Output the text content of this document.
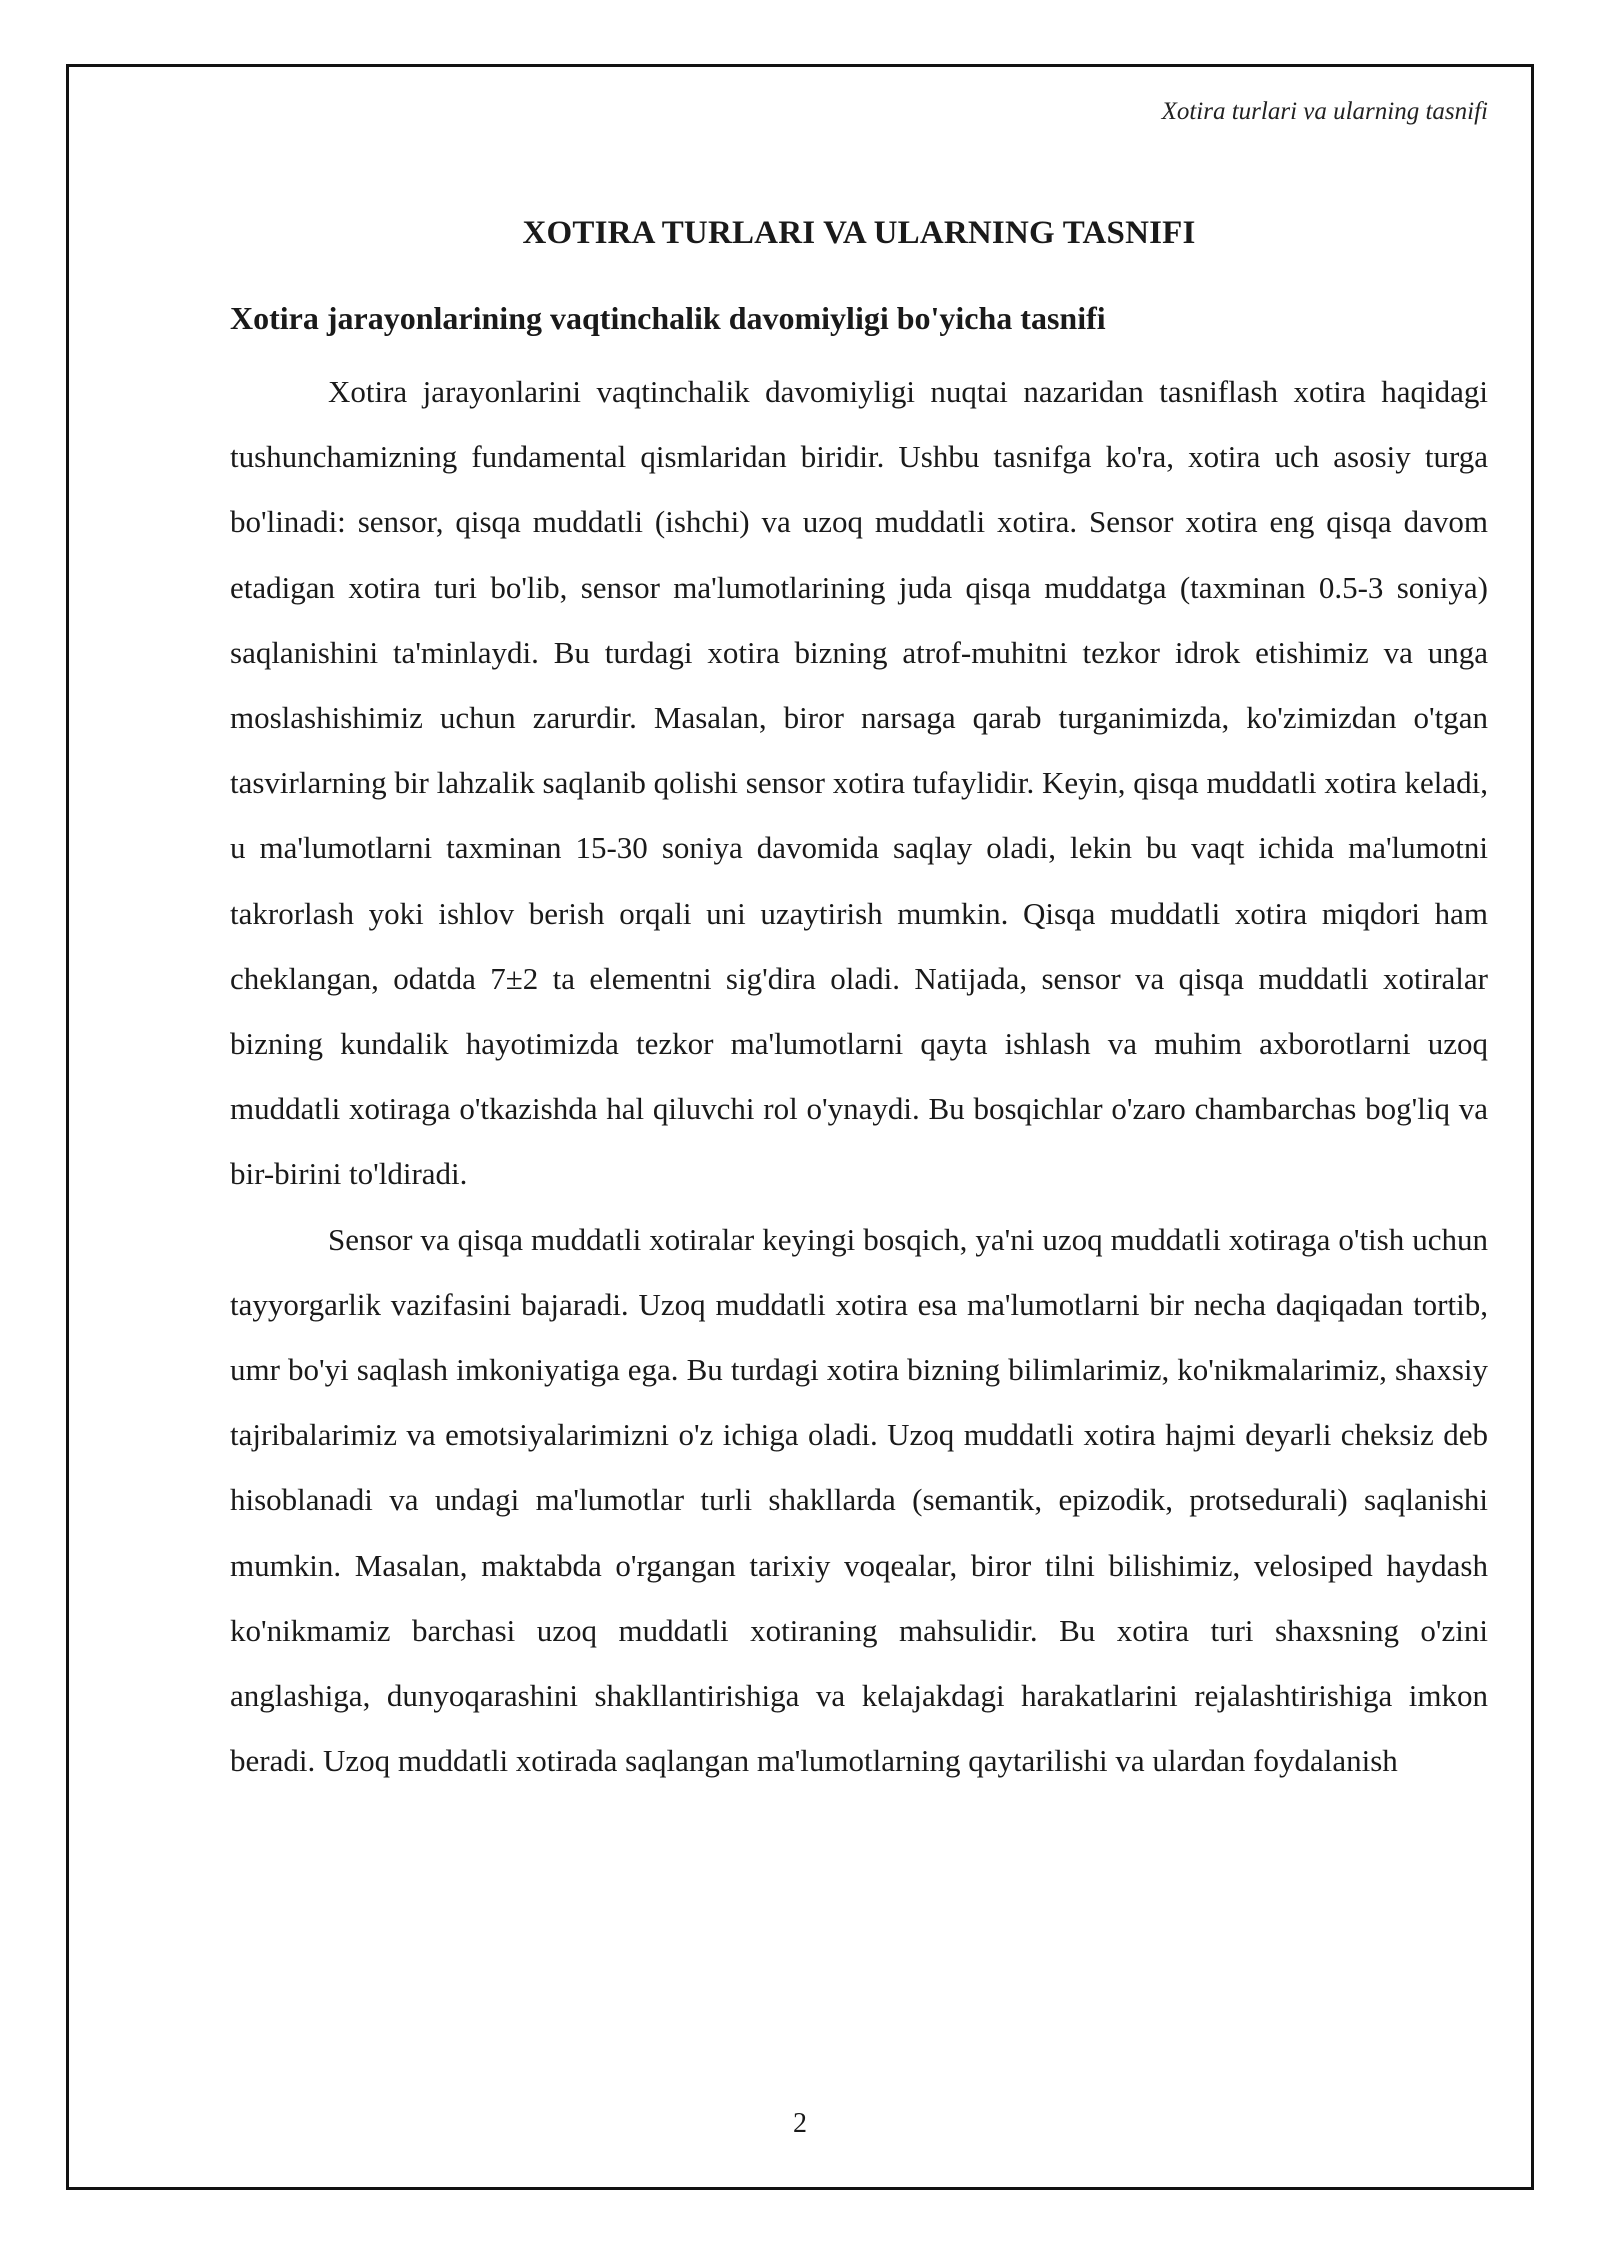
Xotira turlari va ularning tasnifi
XOTIRA TURLARI VA ULARNING TASNIFI
Xotira jarayonlarining vaqtinchalik davomiyligi bo'yicha tasnifi

Xotira jarayonlarini vaqtinchalik davomiyligi nuqtai nazaridan tasniflash xotira haqidagi tushunchamizning fundamental qismlaridan biridir. Ushbu tasnifga ko'ra, xotira uch asosiy turga bo'linadi: sensor, qisqa muddatli (ishchi) va uzoq muddatli xotira. Sensor xotira eng qisqa davom etadigan xotira turi bo'lib, sensor ma'lumotlarining juda qisqa muddatga (taxminan 0.5-3 soniya) saqlanishini ta'minlaydi. Bu turdagi xotira bizning atrof-muhitni tezkor idrok etishimiz va unga moslashishimiz uchun zarurdir. Masalan, biror narsaga qarab turganimizda, ko'zimizdan o'tgan tasvirlarning bir lahzalik saqlanib qolishi sensor xotira tufaylidir. Keyin, qisqa muddatli xotira keladi, u ma'lumotlarni taxminan 15-30 soniya davomida saqlay oladi, lekin bu vaqt ichida ma'lumotni takrorlash yoki ishlov berish orqali uni uzaytirish mumkin. Qisqa muddatli xotira miqdori ham cheklangan, odatda 7±2 ta elementni sig'dira oladi. Natijada, sensor va qisqa muddatli xotiralar bizning kundalik hayotimizda tezkor ma'lumotlarni qayta ishlash va muhim axborotlarni uzoq muddatli xotiraga o'tkazishda hal qiluvchi rol o'ynaydi. Bu bosqichlar o'zaro chambarchas bog'liq va bir-birini to'ldiradi.

Sensor va qisqa muddatli xotiralar keyingi bosqich, ya'ni uzoq muddatli xotiraga o'tish uchun tayyorgarlik vazifasini bajaradi. Uzoq muddatli xotira esa ma'lumotlarni bir necha daqiqadan tortib, umr bo'yi saqlash imkoniyatiga ega. Bu turdagi xotira bizning bilimlarimiz, ko'nikmalarimiz, shaxsiy tajribalarimiz va emotsiyalarimizni o'z ichiga oladi. Uzoq muddatli xotira hajmi deyarli cheksiz deb hisoblanadi va undagi ma'lumotlar turli shakllarda (semantik, epizodik, protsedurali) saqlanishi mumkin. Masalan, maktabda o'rgangan tarixiy voqealar, biror tilni bilishimiz, velosiped haydash ko'nikmamiz barchasi uzoq muddatli xotiraning mahsulidir. Bu xotira turi shaxsning o'zini anglashiga, dunyoqarashini shakllantirishiga va kelajakdagi harakatlarini rejalashtirishiga imkon beradi. Uzoq muddatli xotirada saqlangan ma'lumotlarning qaytarilishi va ulardan foydalanish

2
